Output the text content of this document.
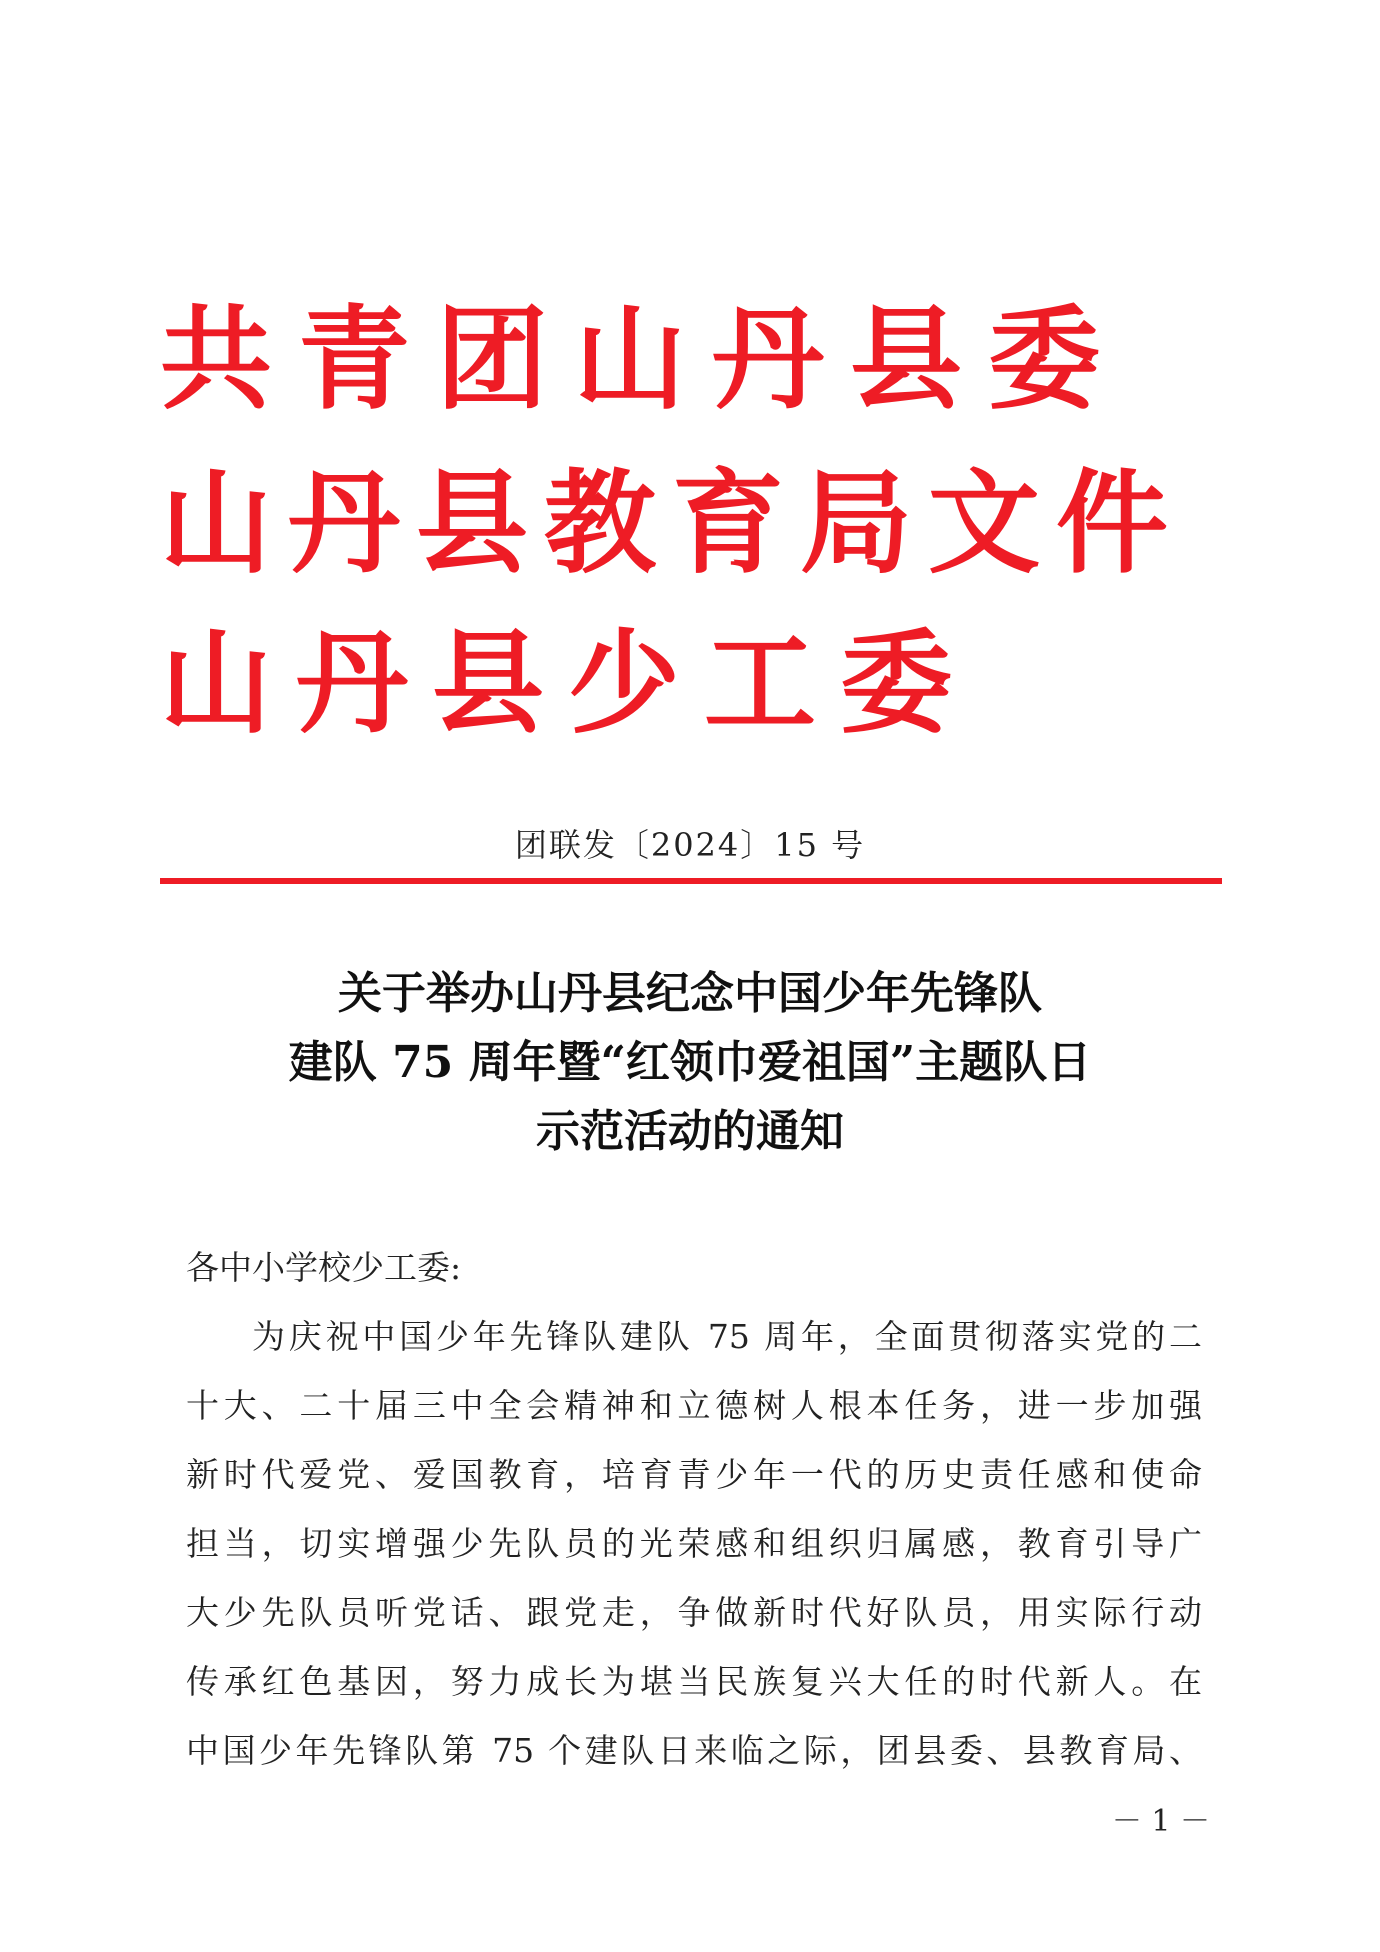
共青团山丹县委
山丹县教育局文件
山丹县少工委
团联发〔2024〕15 号
关于举办山丹县纪念中国少年先锋队
建队 75 周年暨“红领巾爱祖国”主题队日
示范活动的通知
各中小学校少工委:
为庆祝中国少年先锋队建队 75 周年，全面贯彻落实党的二
十大、二十届三中全会精神和立德树人根本任务，进一步加强
新时代爱党、爱国教育，培育青少年一代的历史责任感和使命
担当，切实增强少先队员的光荣感和组织归属感，教育引导广
大少先队员听党话、跟党走，争做新时代好队员，用实际行动
传承红色基因，努力成长为堪当民族复兴大任的时代新人。在
中国少年先锋队第 75 个建队日来临之际，团县委、县教育局、
－ 1 －
